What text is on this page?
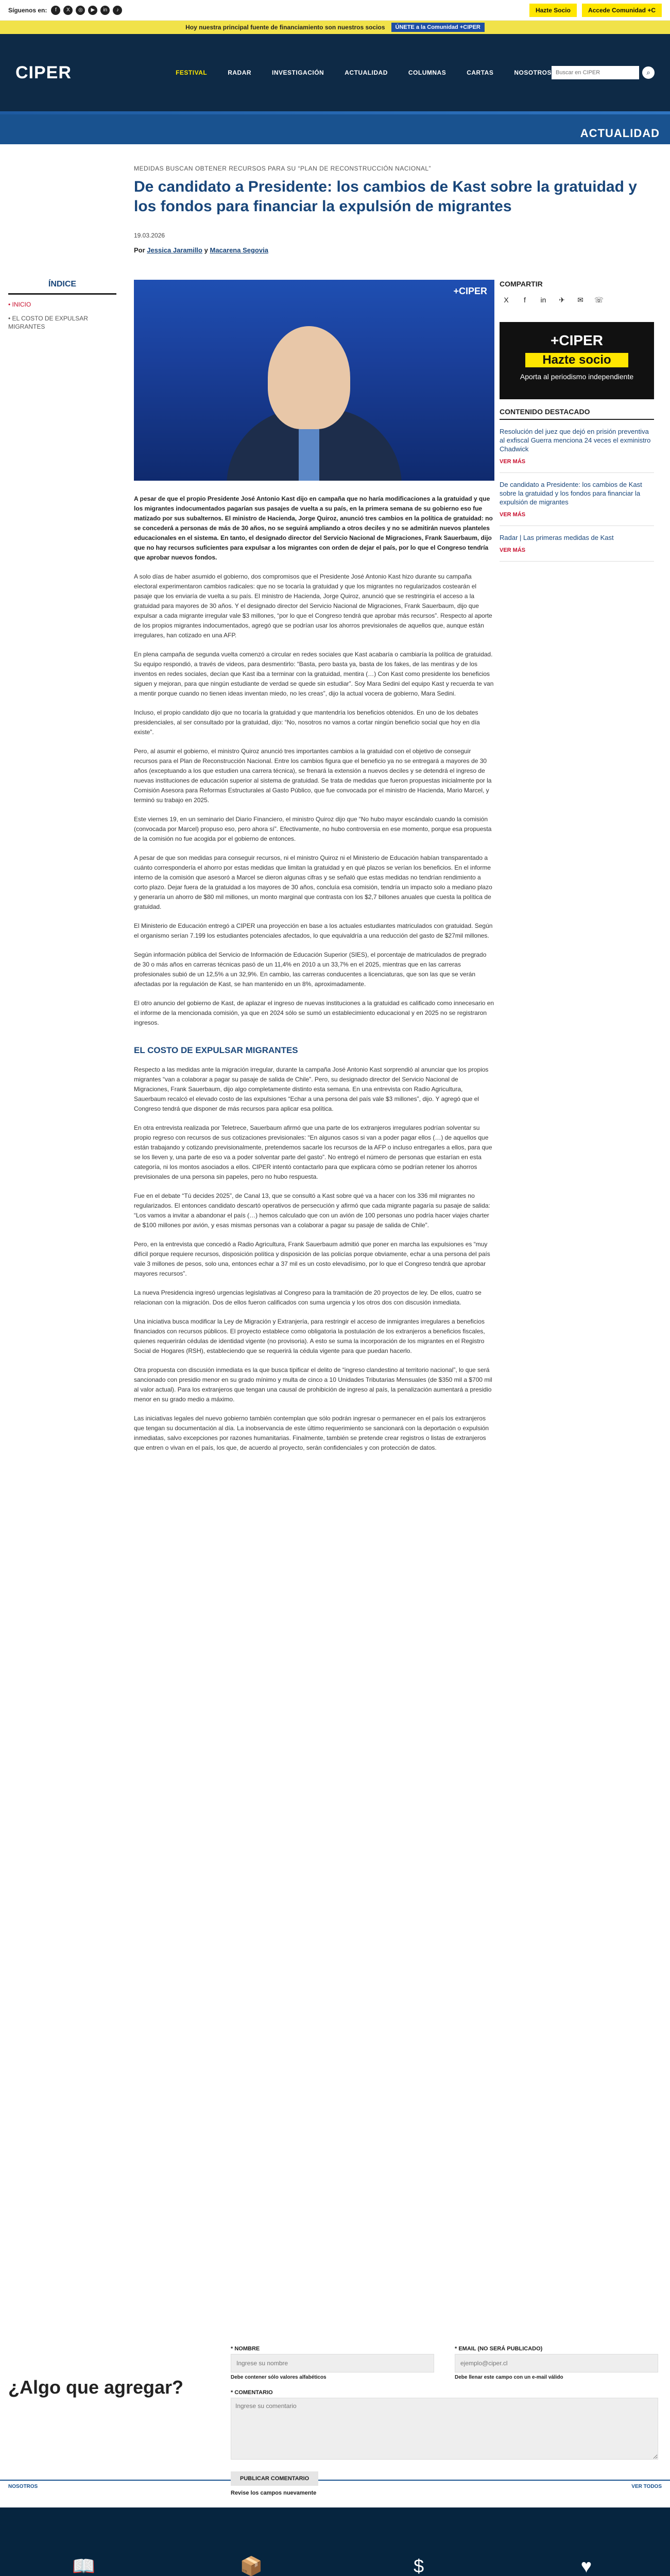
Síguenos en:	f	X	◎	▶	in	♪	Hazte Socio	Accede Comunidad +C
Hoy nuestra principal fuente de financiamiento son nuestros socios	ÚNETE a la Comunidad +CIPER
CIPER	FESTIVAL	RADAR	INVESTIGACIÓN	ACTUALIDAD	COLUMNAS	CARTAS	NOSOTROS
Buscar en CIPER	⌕
ACTUALIDAD
MEDIDAS BUSCAN OBTENER RECURSOS PARA SU “PLAN DE RECONSTRUCCIÓN NACIONAL”
De candidato a Presidente: los cambios de Kast sobre la gratuidad y los fondos para financiar la expulsión de migrantes
19.03.2026
Por Jessica Jaramillo y Macarena Segovia
ÍNDICE
• INICIO
• EL COSTO DE EXPULSAR MIGRANTES
+CIPER

A pesar de que el propio Presidente José Antonio Kast dijo en campaña que no haría modificaciones a la gratuidad y que los migrantes indocumentados pagarían sus pasajes de vuelta a su país, en la primera semana de su gobierno eso fue matizado por sus subalternos. El ministro de Hacienda, Jorge Quiroz, anunció tres cambios en la política de gratuidad: no se concederá a personas de más de 30 años, no se seguirá ampliando a otros deciles y no se admitirán nuevos planteles educacionales en el sistema. En tanto, el designado director del Servicio Nacional de Migraciones, Frank Sauerbaum, dijo que no hay recursos suficientes para expulsar a los migrantes con orden de dejar el país, por lo que el Congreso tendría que aprobar nuevos fondos.

A solo días de haber asumido el gobierno, dos compromisos que el Presidente José Antonio Kast hizo durante su campaña electoral experimentaron cambios radicales: que no se tocaría la gratuidad y que los migrantes no regularizados costearán el pasaje que los enviaría de vuelta a su país. El ministro de Hacienda, Jorge Quiroz, anunció que se restringiría el acceso a la gratuidad para mayores de 30 años. Y el designado director del Servicio Nacional de Migraciones, Frank Sauerbaum, dijo que expulsar a cada migrante irregular vale $3 millones, “por lo que el Congreso tendrá que aprobar más recursos”. Respecto al aporte de los propios migrantes indocumentados, agregó que se podrían usar los ahorros previsionales de aquellos que, aunque están irregulares, han cotizado en una AFP.

En plena campaña de segunda vuelta comenzó a circular en redes sociales que Kast acabaría o cambiaría la política de gratuidad. Su equipo respondió, a través de videos, para desmentirlo: “Basta, pero basta ya, basta de los fakes, de las mentiras y de los inventos en redes sociales, decían que Kast iba a terminar con la gratuidad, mentira (…) Con Kast como presidente los beneficios siguen y mejoran, para que ningún estudiante de verdad se quede sin estudiar”. Soy Mara Sedini del equipo Kast y recuerda te van a mentir porque cuando no tienen ideas inventan miedo, no les creas”, dijo la actual vocera de gobierno, Mara Sedini.

Incluso, el propio candidato dijo que no tocaría la gratuidad y que mantendría los beneficios obtenidos. En uno de los debates presidenciales, al ser consultado por la gratuidad, dijo: “No, nosotros no vamos a cortar ningún beneficio social que hoy en día existe”.

Pero, al asumir el gobierno, el ministro Quiroz anunció tres importantes cambios a la gratuidad con el objetivo de conseguir recursos para el Plan de Reconstrucción Nacional. Entre los cambios figura que el beneficio ya no se entregará a mayores de 30 años (exceptuando a los que estudien una carrera técnica), se frenará la extensión a nuevos deciles y se detendrá el ingreso de nuevas instituciones de educación superior al sistema de gratuidad. Se trata de medidas que fueron propuestas inicialmente por la Comisión Asesora para Reformas Estructurales al Gasto Público, que fue convocada por el ministro de Hacienda, Mario Marcel, y terminó su trabajo en 2025.

Este viernes 19, en un seminario del Diario Financiero, el ministro Quiroz dijo que “No hubo mayor escándalo cuando la comisión (convocada por Marcel) propuso eso, pero ahora sí”. Efectivamente, no hubo controversia en ese momento, porque esa propuesta de la comisión no fue acogida por el gobierno de entonces.

A pesar de que son medidas para conseguir recursos, ni el ministro Quiroz ni el Ministerio de Educación habían transparentado a cuánto correspondería el ahorro por estas medidas que limitan la gratuidad y en qué plazos se verían los beneficios. En el informe interno de la comisión que asesoró a Marcel se dieron algunas cifras y se señaló que estas medidas no tendrían rendimiento a corto plazo. Dejar fuera de la gratuidad a los mayores de 30 años, concluía esa comisión, tendría un impacto solo a mediano plazo y generaría un ahorro de $80 mil millones, un monto marginal que contrasta con los $2,7 billones anuales que cuesta la política de gratuidad.

El Ministerio de Educación entregó a CIPER una proyección en base a los actuales estudiantes matriculados con gratuidad. Según el organismo serían 7.199 los estudiantes potenciales afectados, lo que equivaldría a una reducción del gasto de $27mil millones.

Según información pública del Servicio de Información de Educación Superior (SIES), el porcentaje de matriculados de pregrado de 30 o más años en carreras técnicas pasó de un 11,4% en 2010 a un 33,7% en el 2025, mientras que en las carreras profesionales subió de un 12,5% a un 32,9%. En cambio, las carreras conducentes a licenciaturas, que son las que se verán afectadas por la regulación de Kast, se han mantenido en un 8%, aproximadamente.

El otro anuncio del gobierno de Kast, de aplazar el ingreso de nuevas instituciones a la gratuidad es calificado como innecesario en el informe de la mencionada comisión, ya que en 2024 sólo se sumó un establecimiento educacional y en 2025 no se registraron ingresos.

EL COSTO DE EXPULSAR MIGRANTES

Respecto a las medidas ante la migración irregular, durante la campaña José Antonio Kast sorprendió al anunciar que los propios migrantes “van a colaborar a pagar su pasaje de salida de Chile”. Pero, su designado director del Servicio Nacional de Migraciones, Frank Sauerbaum, dijo algo completamente distinto esta semana. En una entrevista con Radio Agricultura, Sauerbaum recalcó el elevado costo de las expulsiones “Echar a una persona del país vale $3 millones”, dijo. Y agregó que el Congreso tendrá que disponer de más recursos para aplicar esa política.

En otra entrevista realizada por Teletrece, Sauerbaum afirmó que una parte de los extranjeros irregulares podrían solventar su propio regreso con recursos de sus cotizaciones previsionales: “En algunos casos si van a poder pagar ellos (…) de aquellos que están trabajando y cotizando previsionalmente, pretendemos sacarle los recursos de la AFP o incluso entregarles a ellos, para que se los lleven y, una parte de eso va a poder solventar parte del gasto”. No entregó el número de personas que estarían en esta categoría, ni los montos asociados a ellos. CIPER intentó contactarlo para que explicara cómo se podrían retener los ahorros previsionales de una persona sin papeles, pero no hubo respuesta.

Fue en el debate “Tú decides 2025”, de Canal 13, que se consultó a Kast sobre qué va a hacer con los 336 mil migrantes no regularizados. El entonces candidato descartó operativos de persecución y afirmó que cada migrante pagaría su pasaje de salida: “Los vamos a invitar a abandonar el país (…) hemos calculado que con un avión de 100 personas uno podría hacer viajes charter de $100 millones por avión, y esas mismas personas van a colaborar a pagar su pasaje de salida de Chile”.

Pero, en la entrevista que concedió a Radio Agricultura, Frank Sauerbaum admitió que poner en marcha las expulsiones es “muy difícil porque requiere recursos, disposición política y disposición de las policías porque obviamente, echar a una persona del país vale 3 millones de pesos, solo una, entonces echar a 37 mil es un costo elevadísimo, por lo que el Congreso tendrá que aprobar mayores recursos”.

La nueva Presidencia ingresó urgencias legislativas al Congreso para la tramitación de 20 proyectos de ley. De ellos, cuatro se relacionan con la migración. Dos de ellos fueron calificados con suma urgencia y los otros dos con discusión inmediata.

Una iniciativa busca modificar la Ley de Migración y Extranjería, para restringir el acceso de inmigrantes irregulares a beneficios financiados con recursos públicos. El proyecto establece como obligatoria la postulación de los extranjeros a beneficios fiscales, quienes requerirán cédulas de identidad vigente (no provisoria). A esto se suma la incorporación de los migrantes en el Registro Social de Hogares (RSH), estableciendo que se requerirá la cédula vigente para que puedan hacerlo.

Otra propuesta con discusión inmediata es la que busca tipificar el delito de “ingreso clandestino al territorio nacional”, lo que será sancionado con presidio menor en su grado mínimo y multa de cinco a 10 Unidades Tributarias Mensuales (de $350 mil a $700 mil al valor actual). Para los extranjeros que tengan una causal de prohibición de ingreso al país, la penalización aumentará a presidio menor en su grado medio a máximo.

Las iniciativas legales del nuevo gobierno también contemplan que sólo podrán ingresar o permanecer en el país los extranjeros que tengan su documentación al día. La inobservancia de este último requerimiento se sancionará con la deportación o expulsión inmediatas, salvo excepciones por razones humanitarias. Finalmente, también se pretende crear registros o listas de extranjeros que entren o vivan en el país, los que, de acuerdo al proyecto, serán confidenciales y con protección de datos.

COMPARTIR
X	f	in	✈	✉	☏
+CIPER
Hazte socio
Aporta al periodismo independiente
CONTENIDO DESTACADO
Resolución del juez que dejó en prisión preventiva al exfiscal Guerra menciona 24 veces el exministro Chadwick
VER MÁS
De candidato a Presidente: los cambios de Kast sobre la gratuidad y los fondos para financiar la expulsión de migrantes
VER MÁS
Radar | Las primeras medidas de Kast
VER MÁS
¿Algo que agregar?
* NOMBRE
Ingrese su nombre
Debe contener sólo valores alfabéticos
* EMAIL (NO SERÁ PUBLICADO)
ejemplo@ciper.cl
Debe llenar este campo con un e-mail válido
* COMENTARIO
Ingrese su comentario
PUBLICAR COMENTARIO
Revise los campos nuevamente
NOSOTROS	VER TODOS
📖	📦	$	♥
